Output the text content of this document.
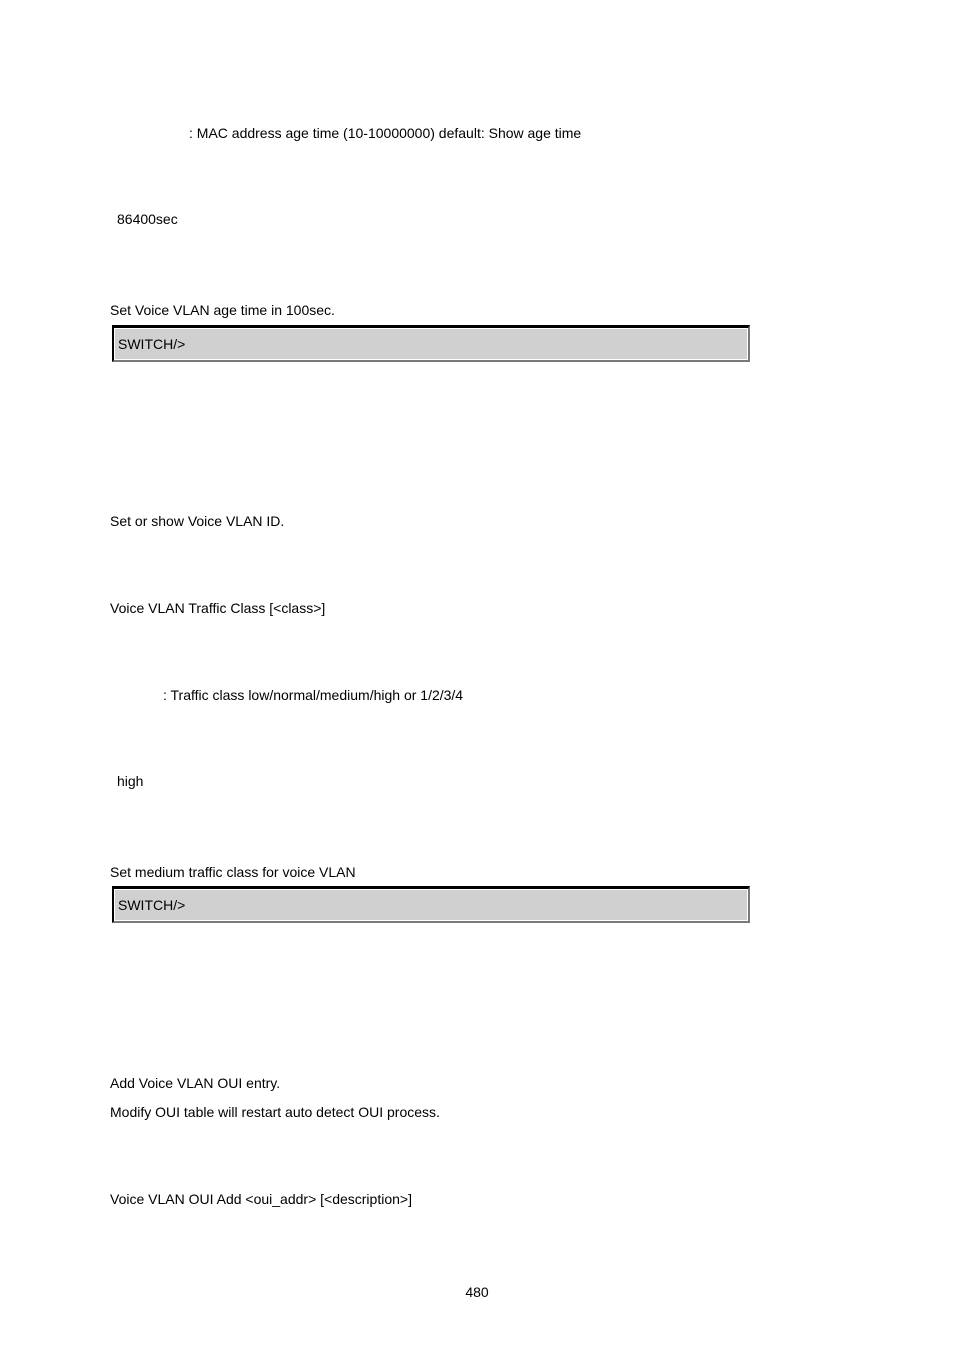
: MAC address age time (10-10000000) default: Show age time
86400sec
Set Voice VLAN age time in 100sec.
SWITCH/>
Set or show Voice VLAN ID.
Voice VLAN Traffic Class [<class>]
: Traffic class low/normal/medium/high or 1/2/3/4
high
Set medium traffic class for voice VLAN
SWITCH/>
Add Voice VLAN OUI entry.
Modify OUI table will restart auto detect OUI process.
Voice VLAN OUI Add <oui_addr> [<description>]
480
